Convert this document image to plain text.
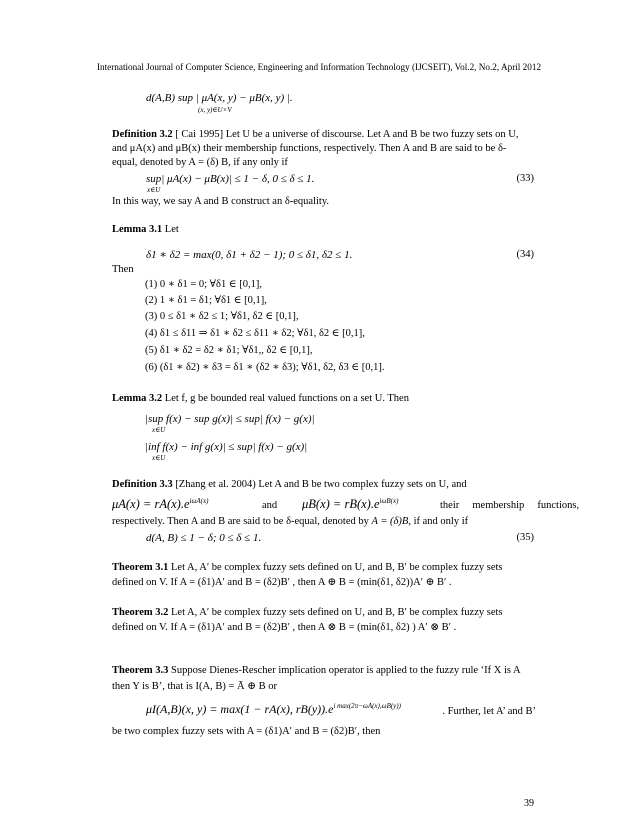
International Journal of Computer Science, Engineering and Information Technology (IJCSEIT), Vol.2, No.2, April 2012
d(A,B) sup | μA(x, y) − μB(x, y) |.
(x, y)∈U×V
Definition 3.2 [ Cai 1995] Let U be a universe of discourse. Let A and B be two fuzzy sets on U,
and μA(x) and μB(x) their membership functions, respectively. Then A and B are said to be δ-
equal, denoted by A = (δ) B, if any only if
sup| μA(x) − μB(x)| ≤ 1 − δ, 0 ≤ δ ≤ 1.
x∈U
(33)
In this way, we say A and B construct an δ-equality.
Lemma 3.1 Let
δ1 ∗ δ2 = max(0, δ1 + δ2 − 1); 0 ≤ δ1, δ2 ≤ 1.	(34)
Then
(1) 0 ∗ δ1 = 0; ∀δ1 ∈ [0,1],
(2) 1 ∗ δ1 = δ1; ∀δ1 ∈ [0,1],
(3) 0 ≤ δ1 ∗ δ2 ≤ 1; ∀δ1, δ2 ∈ [0,1],
(4) δ1 ≤ δ11 ⇒ δ1 ∗ δ2 ≤ δ11 ∗ δ2; ∀δ1, δ2 ∈ [0,1],
(5) δ1 ∗ δ2 = δ2 ∗ δ1; ∀δ1,, δ2 ∈ [0,1],
(6) (δ1 ∗ δ2) ∗ δ3 = δ1 ∗ (δ2 ∗ δ3); ∀δ1, δ2, δ3 ∈ [0,1].
Lemma 3.2 Let f, g be bounded real valued functions on a set U. Then
|sup f(x) − sup g(x)| ≤ sup| f(x) − g(x)|
x∈U
|inf f(x) − inf g(x)| ≤ sup| f(x) − g(x)|
x∈U
Definition 3.3 [Zhang et al. 2004) Let A and B be two complex fuzzy sets on U, and
$\mu A(x) = rA(x).e^{i\omega A(x)}$	and $\mu B(x) = rB(x).e^{i\omega B(x)}$	their     membership     functions,
respectively. Then A and B are said to be δ-equal, denoted by A = (δ)B, if and only if
d(A, B) ≤ 1 − δ; 0 ≤ δ ≤ 1.	(35)
Theorem 3.1 Let A, A′ be complex fuzzy sets defined on U, and B, B′ be complex fuzzy sets
defined on V. If A = (δ1)A′ and B = (δ2)B′ , then A ⊕ B = (min(δ1, δ2))A′ ⊕ B′ .
Theorem 3.2 Let A, A′ be complex fuzzy sets defined on U, and B, B′ be complex fuzzy sets
defined on V. If A = (δ1)A′ and B = (δ2)B′ , then A ⊗ B = (min(δ1, δ2) ) A′ ⊗ B′ .
Theorem 3.3 Suppose Dienes-Rescher implication operator is applied to the fuzzy rule ‘If X is A
then Y is B’, that is I(A, B) = Ā ⊕ B or
μI(A,B)(x, y) = max(1 − rA(x), $rB(y)).e^{i max(2\pi-\omega A(x),\omega B(y))}$	. Further, let A’ and B’
be two complex fuzzy sets with A = (δ1)A′ and B = (δ2)B′, then
39
